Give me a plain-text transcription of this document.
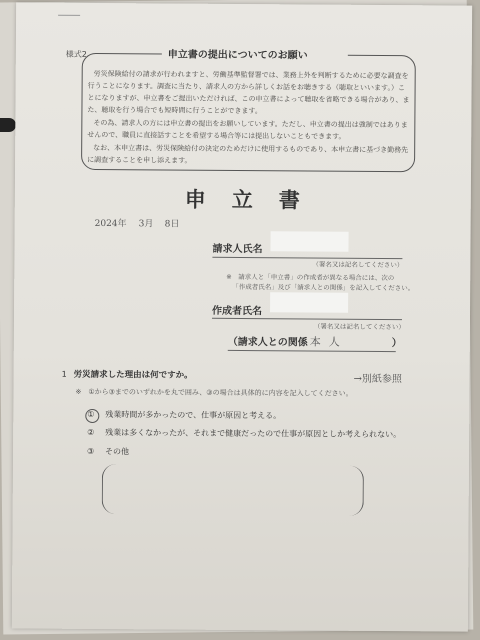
様式2	申立書の提出についてのお願い
労災保険給付の請求が行われますと、労働基準監督署では、業務上外を判断するために必要な調査を
行うことになります。調査に当たり、請求人の方から詳しくお話をお聴きする（聴取といいます。）こ
とになりますが、申立書をご提出いただければ、この申立書によって聴取を省略できる場合があり、ま
た、聴取を行う場合でも短時間に行うことができます。
その為、請求人の方には申立書の提出をお願いしています。ただし、申立書の提出は強制ではありま
せんので、職員に直接話すことを希望する場合等には提出しないこともできます。
なお、本申立書は、労災保険給付の決定のためだけに使用するものであり、本申立書に基づき勤務先
に調査することを申し添えます。
申立書
2024年 3月 8日
請求人氏名
（署名又は記名してください）
※　請求人と「申立書」の作成者が異なる場合には、次の
「作成者氏名」及び「請求人との関係」を記入してください。
作成者氏名
（署名又は記名してください）
（請求人との関係 本人	）
1 労災請求した理由は何ですか。	→別紙参照
※　①から③までのいずれかを丸で囲み、③の場合は具体的に内容を記入してください。
① 残業時間が多かったので、仕事が原因と考える。
② 残業は多くなかったが、それまで健康だったので仕事が原因としか考えられない。
③ その他
